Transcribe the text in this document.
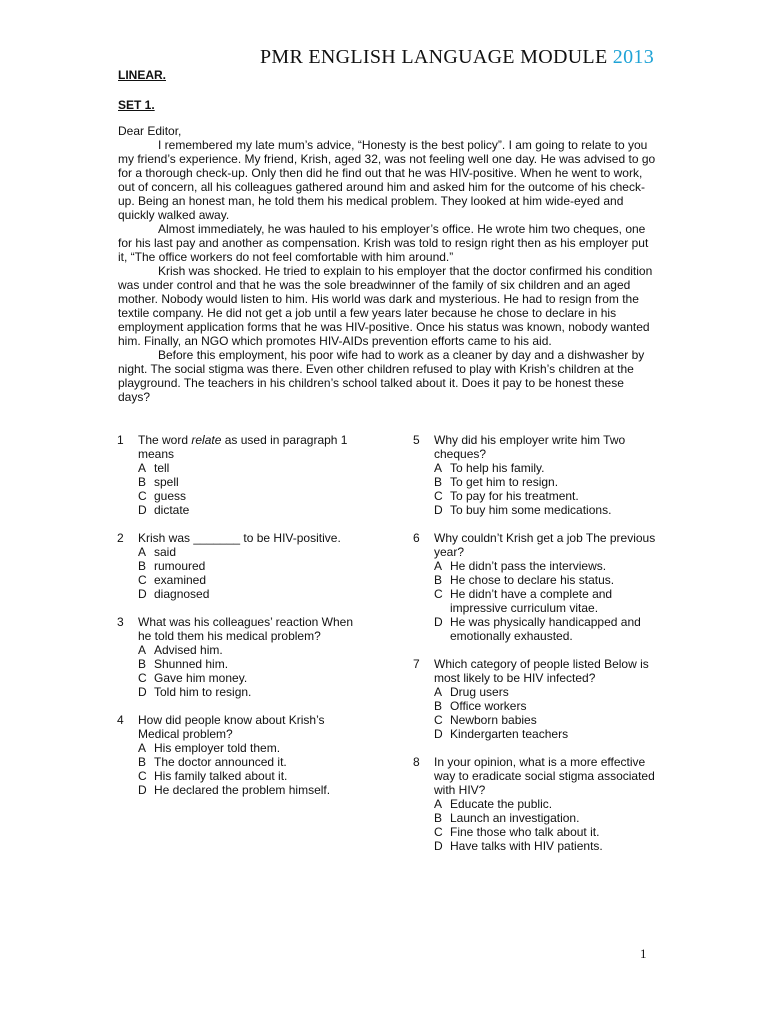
PMR ENGLISH LANGUAGE MODULE 2013
LINEAR.
SET 1.

Dear Editor,

I remembered my late mum’s advice, “Honesty is the best policy”. I am going to relate to you my friend’s experience. My friend, Krish, aged 32, was not feeling well one day. He was advised to go for a thorough check-up. Only then did he find out that he was HIV-positive. When he went to work, out of concern, all his colleagues gathered around him and asked him for the outcome of his check-up. Being an honest man, he told them his medical problem. They looked at him wide-eyed and quickly walked away.

Almost immediately, he was hauled to his employer’s office. He wrote him two cheques, one for his last pay and another as compensation. Krish was told to resign right then as his employer put it, “The office workers do not feel comfortable with him around.”

Krish was shocked. He tried to explain to his employer that the doctor confirmed his condition was under control and that he was the sole breadwinner of the family of six children and an aged mother. Nobody would listen to him. His world was dark and mysterious. He had to resign from the textile company. He did not get a job until a few years later because he chose to declare in his employment application forms that he was HIV-positive. Once his status was known, nobody wanted him. Finally, an NGO which promotes HIV-AIDs prevention efforts came to his aid.

Before this employment, his poor wife had to work as a cleaner by day and a dishwasher by night. The social stigma was there. Even other children refused to play with Krish’s children at the playground. The teachers in his children’s school talked about it. Does it pay to be honest these days?

1 The word relate as used in paragraph 1 means
A tell
B spell
C guess
D dictate
2 Krish was _______ to be HIV-positive.
A said
B rumoured
C examined
D diagnosed
3 What was his colleagues’ reaction When he told them his medical problem?
A Advised him.
B Shunned him.
C Gave him money.
D Told him to resign.
4 How did people know about Krish’s Medical problem?
A His employer told them.
B The doctor announced it.
C His family talked about it.
D He declared the problem himself.
5 Why did his employer write him Two cheques?
A To help his family.
B To get him to resign.
C To pay for his treatment.
D To buy him some medications.
6 Why couldn’t Krish get a job The previous year?
A He didn’t pass the interviews.
B He chose to declare his status.
C He didn’t have a complete and impressive curriculum vitae.
D He was physically handicapped and emotionally exhausted.
7 Which category of people listed Below is most likely to be HIV infected?
A Drug users
B Office workers
C Newborn babies
D Kindergarten teachers
8 In your opinion, what is a more effective way to eradicate social stigma associated with HIV?
A Educate the public.
B Launch an investigation.
C Fine those who talk about it.
D Have talks with HIV patients.
1
